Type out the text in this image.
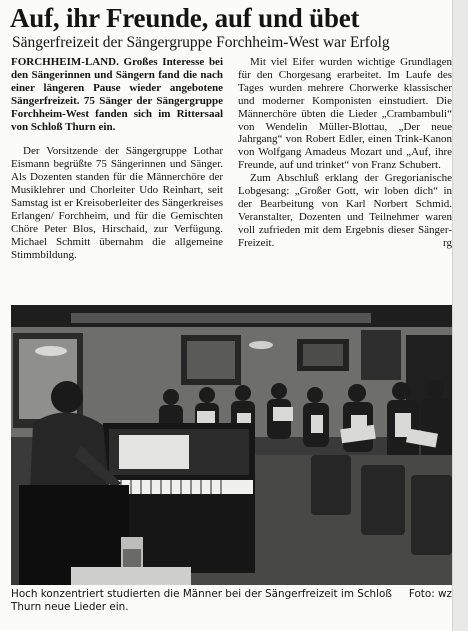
Auf, ihr Freunde, auf und übet
Sängerfreizeit der Sängergruppe Forchheim-West war Erfolg

FORCHHEIM-LAND. Großes Interesse bei den Sängerinnen und Sängern fand die nach einer längeren Pause wieder angebotene Sängerfreizeit. 75 Sänger der Sängergruppe Forchheim-West fanden sich im Rittersaal von Schloß Thurn ein.

Der Vorsitzende der Sängergruppe Lothar Eismann begrüßte 75 Sängerinnen und Sänger. Als Dozenten standen für die Männerchöre der Musiklehrer und Chorleiter Udo Reinhart, seit Samstag ist er Kreisoberleiter des Sängerkreises Erlangen/ Forchheim, und für die Gemischten Chöre Peter Blos, Hirschaid, zur Verfügung. Michael Schmitt übernahm die allgemeine Stimmbildung.

Mit viel Eifer wurden wichtige Grundlagen für den Chorgesang erarbeitet. Im Laufe des Tages wurden mehrere Chorwerke klassischer und moderner Komponisten einstudiert. Die Männerchöre übten die Lieder „Crambambuli“ von Wendelin Müller-Blottau, „Der neue Jahrgang“ von Robert Edler, einen Trink-Kanon von Wolfgang Amadeus Mozart und „Auf, ihre Freunde, auf und trinket“ von Franz Schubert.

Zum Abschluß erklang der Gregorianische Lobgesang: „Großer Gott, wir loben dich“ in der Bearbeitung von Karl Norbert Schmid. Veranstalter, Dozenten und Teilnehmer waren voll zufrieden mit dem Ergebnis dieser Sänger-Freizeit.	rg

Foto: wz
Hoch konzentriert studierten die Männer bei der Sängerfreizeit im Schloß Thurn neue Lieder ein.
